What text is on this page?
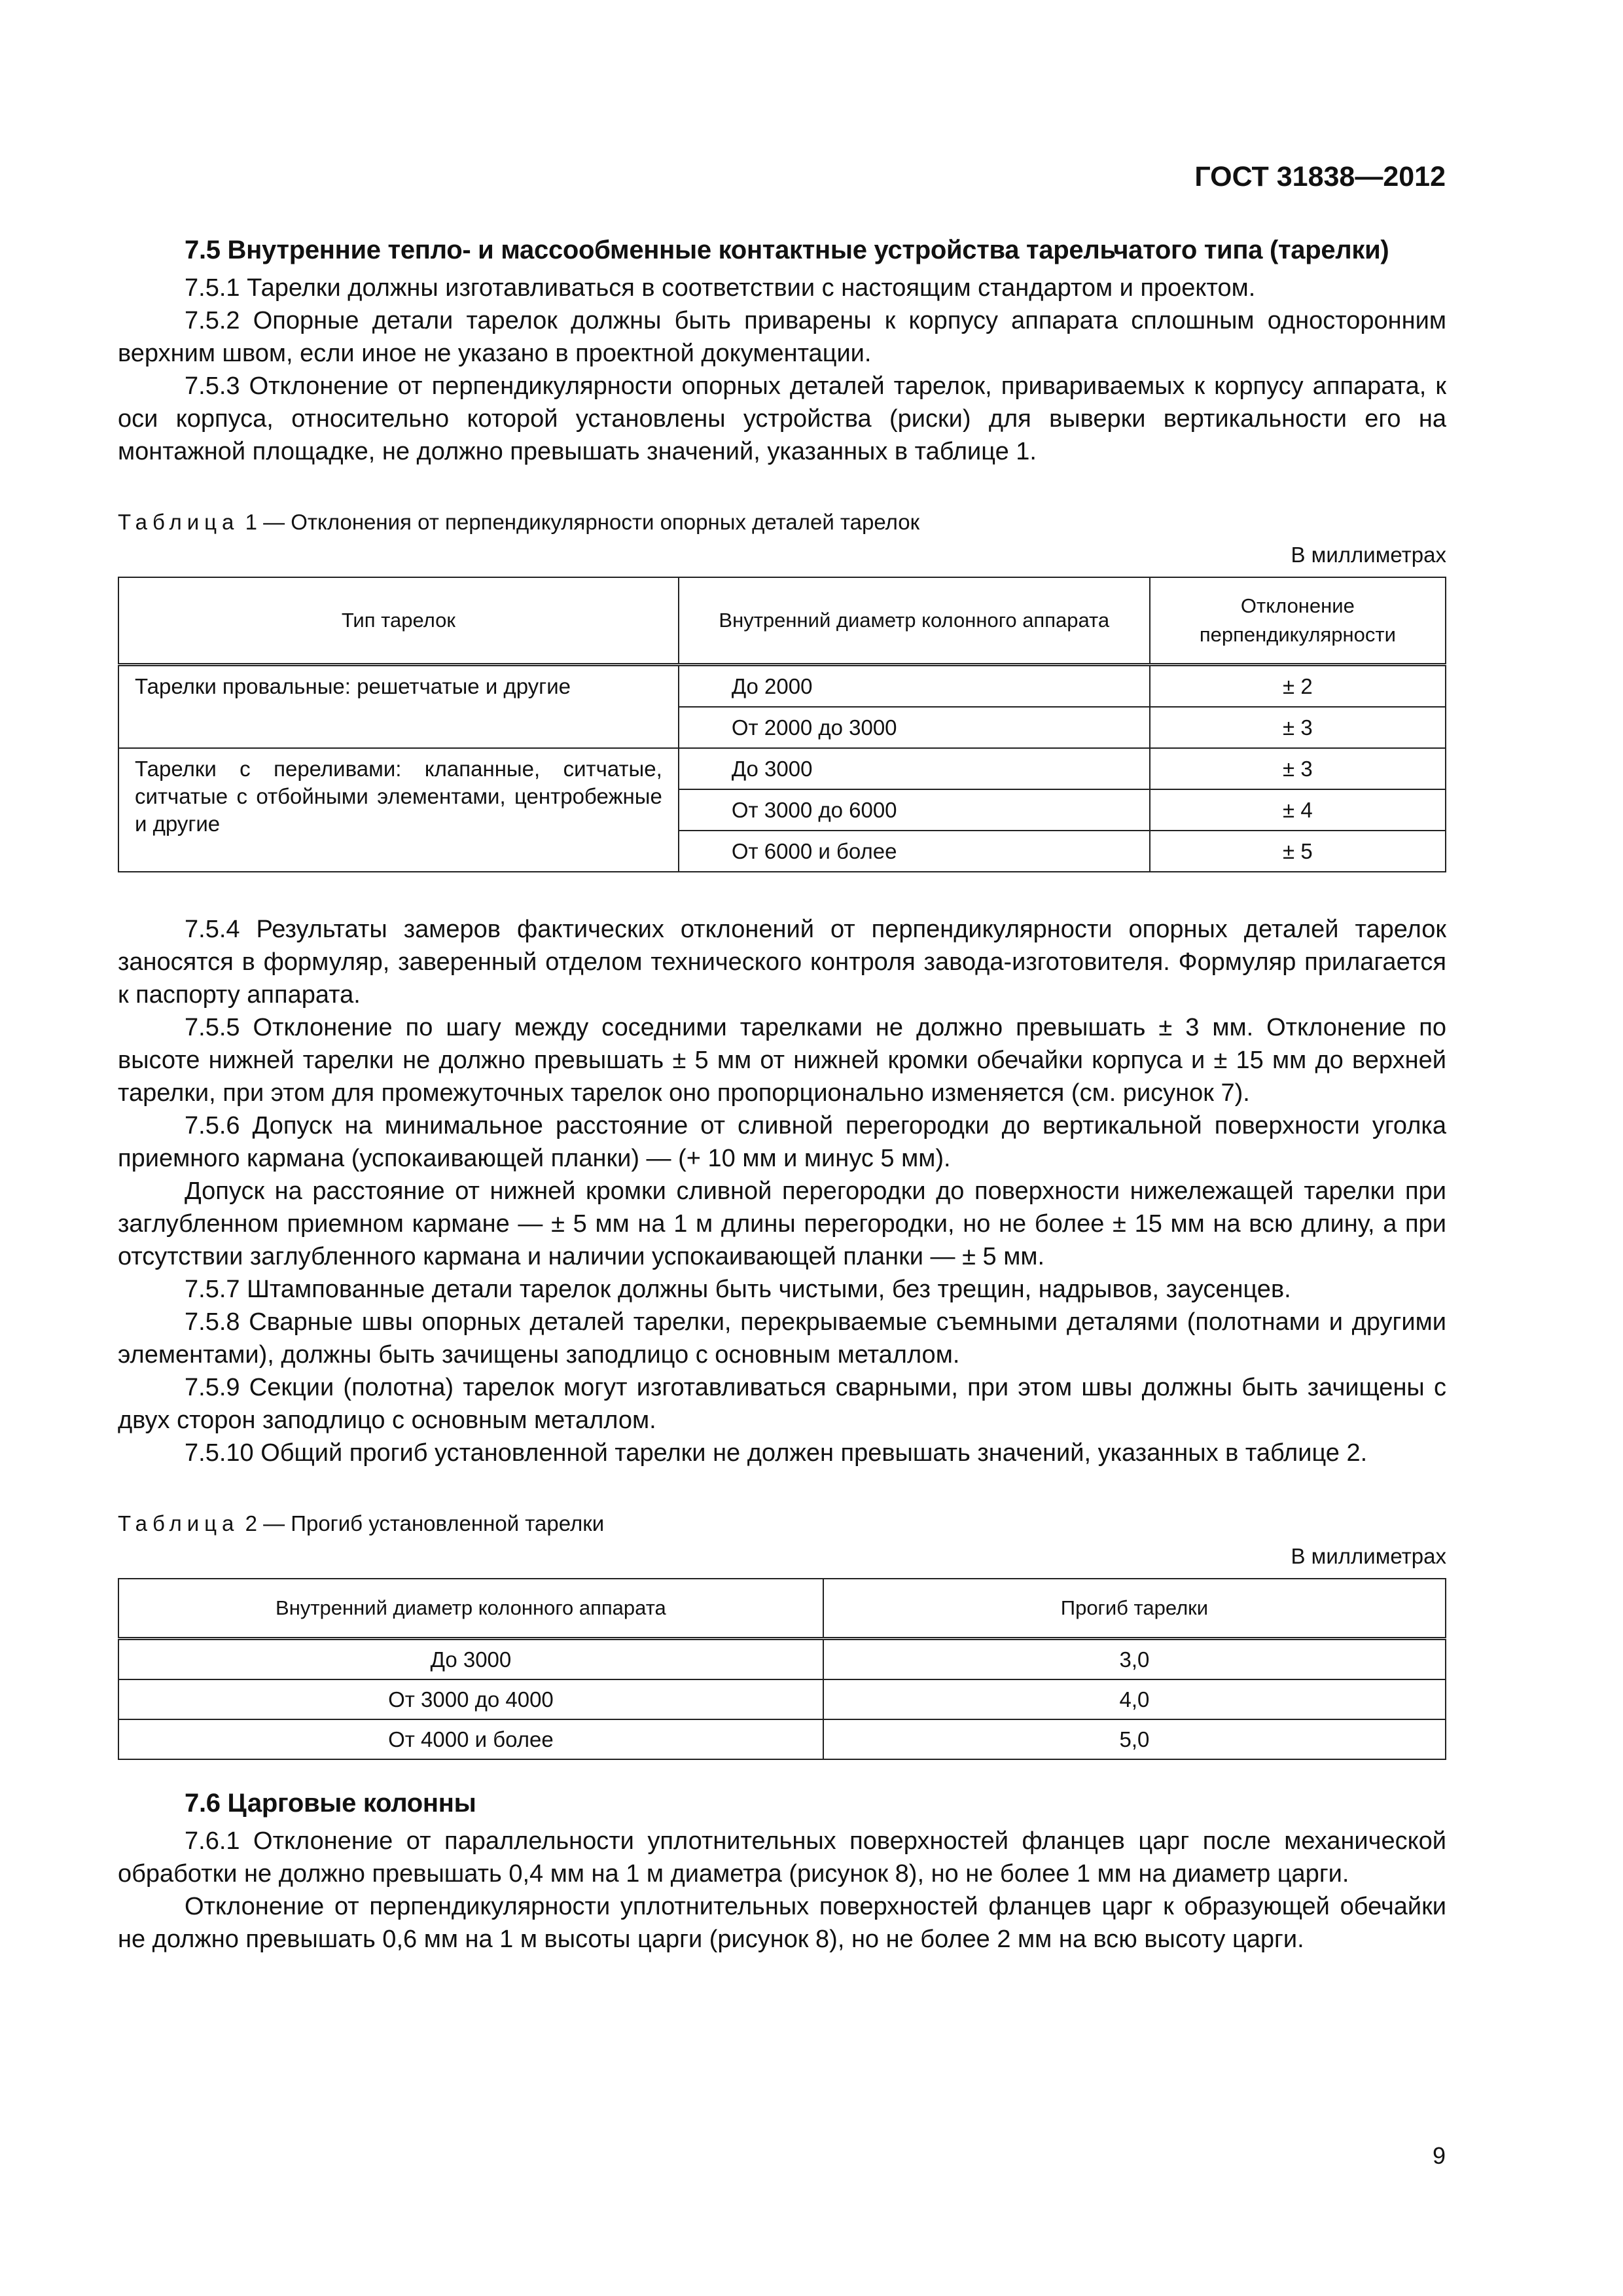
ГОСТ 31838—2012
7.5 Внутренние тепло- и массообменные контактные устройства тарельчатого типа (тарелки)

7.5.1 Тарелки должны изготавливаться в соответствии с настоящим стандартом и проектом.

7.5.2 Опорные детали тарелок должны быть приварены к корпусу аппарата сплошным односторонним верхним швом, если иное не указано в проектной документации.

7.5.3 Отклонение от перпендикулярности опорных деталей тарелок, привариваемых к корпусу аппарата, к оси корпуса, относительно которой установлены устройства (риски) для выверки вертикальности его на монтажной площадке, не должно превышать значений, указанных в таблице 1.

Таблица 1 — Отклонения от перпендикулярности опорных деталей тарелок
В миллиметрах
Тип тарелок	Внутренний диаметр колонного аппарата	Отклонение перпендикулярности
Тарелки провальные: решетчатые и другие	До 2000	± 2
	От 2000 до 3000	± 3
Тарелки с переливами: клапанные, ситчатые, ситчатые с отбойными элементами, центробежные и другие	До 3000	± 3
	От 3000 до 6000	± 4
	От 6000 и более	± 5

7.5.4 Результаты замеров фактических отклонений от перпендикулярности опорных деталей тарелок заносятся в формуляр, заверенный отделом технического контроля завода-изготовителя. Формуляр прилагается к паспорту аппарата.

7.5.5 Отклонение по шагу между соседними тарелками не должно превышать ± 3 мм. Отклонение по высоте нижней тарелки не должно превышать ± 5 мм от нижней кромки обечайки корпуса и ± 15 мм до верхней тарелки, при этом для промежуточных тарелок оно пропорционально изменяется (см. рисунок 7).

7.5.6 Допуск на минимальное расстояние от сливной перегородки до вертикальной поверхности уголка приемного кармана (успокаивающей планки) — (+ 10 мм и минус 5 мм).

Допуск на расстояние от нижней кромки сливной перегородки до поверхности нижележащей тарелки при заглубленном приемном кармане — ± 5 мм на 1 м длины перегородки, но не более ± 15 мм на всю длину, а при отсутствии заглубленного кармана и наличии успокаивающей планки — ± 5 мм.

7.5.7 Штампованные детали тарелок должны быть чистыми, без трещин, надрывов, заусенцев.

7.5.8 Сварные швы опорных деталей тарелки, перекрываемые съемными деталями (полотнами и другими элементами), должны быть зачищены заподлицо с основным металлом.

7.5.9 Секции (полотна) тарелок могут изготавливаться сварными, при этом швы должны быть зачищены с двух сторон заподлицо с основным металлом.

7.5.10 Общий прогиб установленной тарелки не должен превышать значений, указанных в таблице 2.

Таблица 2 — Прогиб установленной тарелки
В миллиметрах
Внутренний диаметр колонного аппарата	Прогиб тарелки
До 3000	3,0
От 3000 до 4000	4,0
От 4000 и более	5,0
7.6 Царговые колонны

7.6.1 Отклонение от параллельности уплотнительных поверхностей фланцев царг после механической обработки не должно превышать 0,4 мм на 1 м диаметра (рисунок 8), но не более 1 мм на диаметр царги.

Отклонение от перпендикулярности уплотнительных поверхностей фланцев царг к образующей обечайки не должно превышать 0,6 мм на 1 м высоты царги (рисунок 8), но не более 2 мм на всю высоту царги.

9
